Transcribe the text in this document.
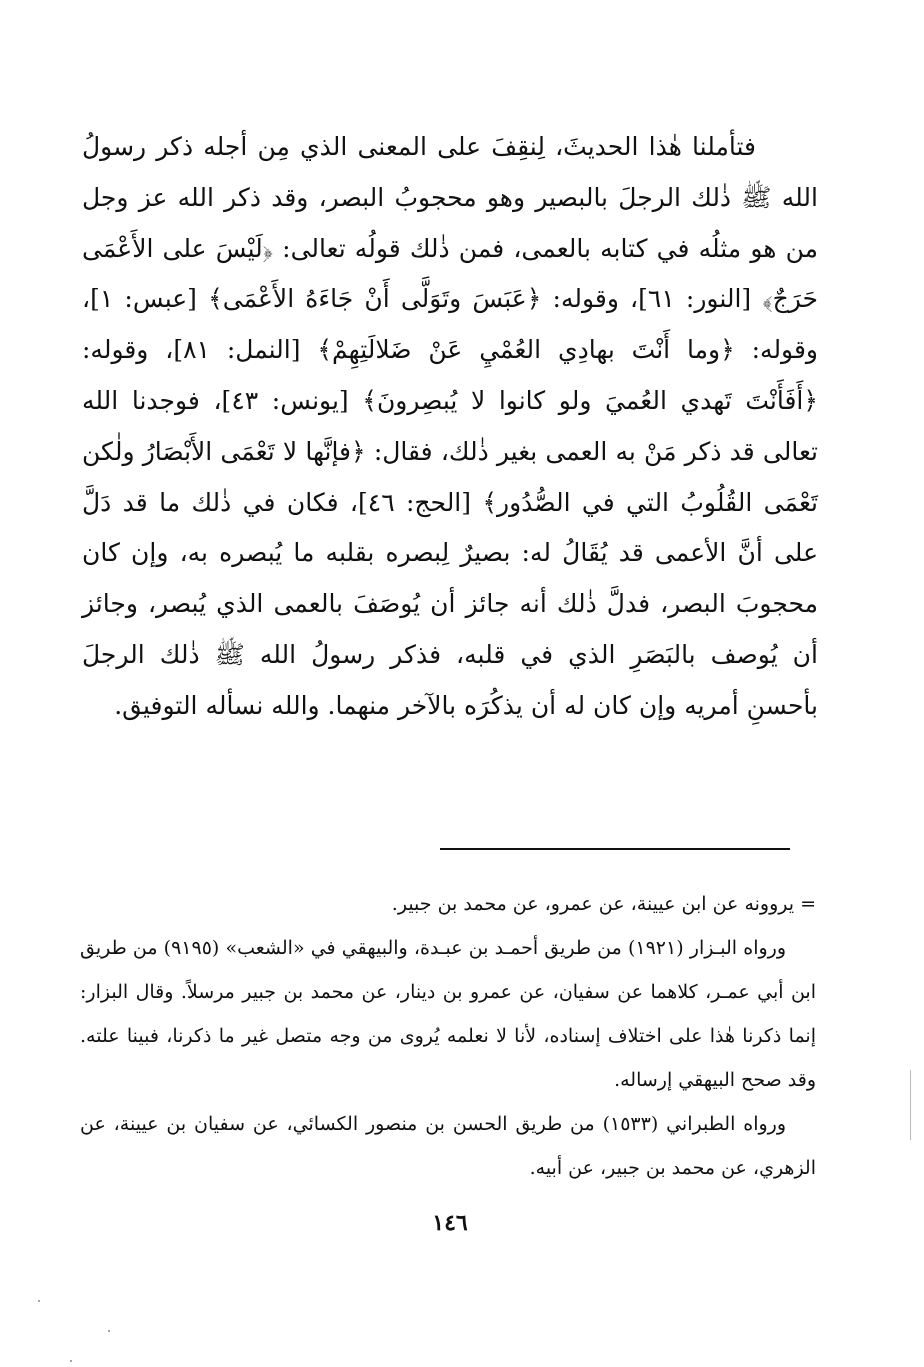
فتأملنا هٰذا الحديثَ، لِنقِفَ على المعنى الذي مِن أجله ذكر رسولُ الله ﷺ ذٰلك الرجلَ بالبصير وهو محجوبُ البصر، وقد ذكر الله عز وجل من هو مثلُه في كتابه بالعمى، فمن ذٰلك قولُه تعالى: ﴿لَيْسَ على الأَعْمَى حَرَجٌ﴾ [النور: ٦١]، وقوله: ﴿عَبَسَ وتَوَلَّى أَنْ جَاءَهُ الأَعْمَى﴾ [عبس: ١]، وقوله: ﴿وما أَنْتَ بهادِي العُمْيِ عَنْ ضَلالَتِهِمْ﴾ [النمل: ٨١]، وقوله: ﴿أَفَأَنْتَ تَهدي العُميَ ولو كانوا لا يُبصِرونَ﴾ [يونس: ٤٣]، فوجدنا الله تعالى قد ذكر مَنْ به العمى بغير ذٰلك، فقال: ﴿فإنَّها لا تَعْمَى الأَبْصَارُ ولٰكن تَعْمَى القُلُوبُ التي في الصُّدُور﴾ [الحج: ٤٦]، فكان في ذٰلك ما قد دَلَّ على أنَّ الأعمى قد يُقَالُ له: بصيرٌ لِبصره بقلبه ما يُبصره به، وإن كان محجوبَ البصر، فدلَّ ذٰلك أنه جائز أن يُوصَفَ بالعمى الذي يُبصر، وجائز أن يُوصف بالبَصَرِ الذي في قلبه، فذكر رسولُ الله ﷺ ذٰلك الرجلَ بأحسنِ أمريه وإن كان له أن يذكُرَه بالآخر منهما. والله نسأله التوفيق.

= يروونه عن ابن عيينة، عن عمرو، عن محمد بن جبير.

ورواه البـزار (١٩٢١) من طريق أحمـد بن عبـدة، والبيهقي في «الشعب» (٩١٩٥) من طريق ابن أبي عمـر، كلاهما عن سفيان، عن عمرو بن دينار، عن محمد بن جبير مرسلاً. وقال البزار: إنما ذكرنا هٰذا على اختلاف إسناده، لأنا لا نعلمه يُروى من وجه متصل غير ما ذكرنا، فبينا علته. وقد صحح البيهقي إرساله.

ورواه الطبراني (١٥٣٣) من طريق الحسن بن منصور الكسائي، عن سفيان بن عيينة، عن الزهري، عن محمد بن جبير، عن أبيه.

١٤٦
